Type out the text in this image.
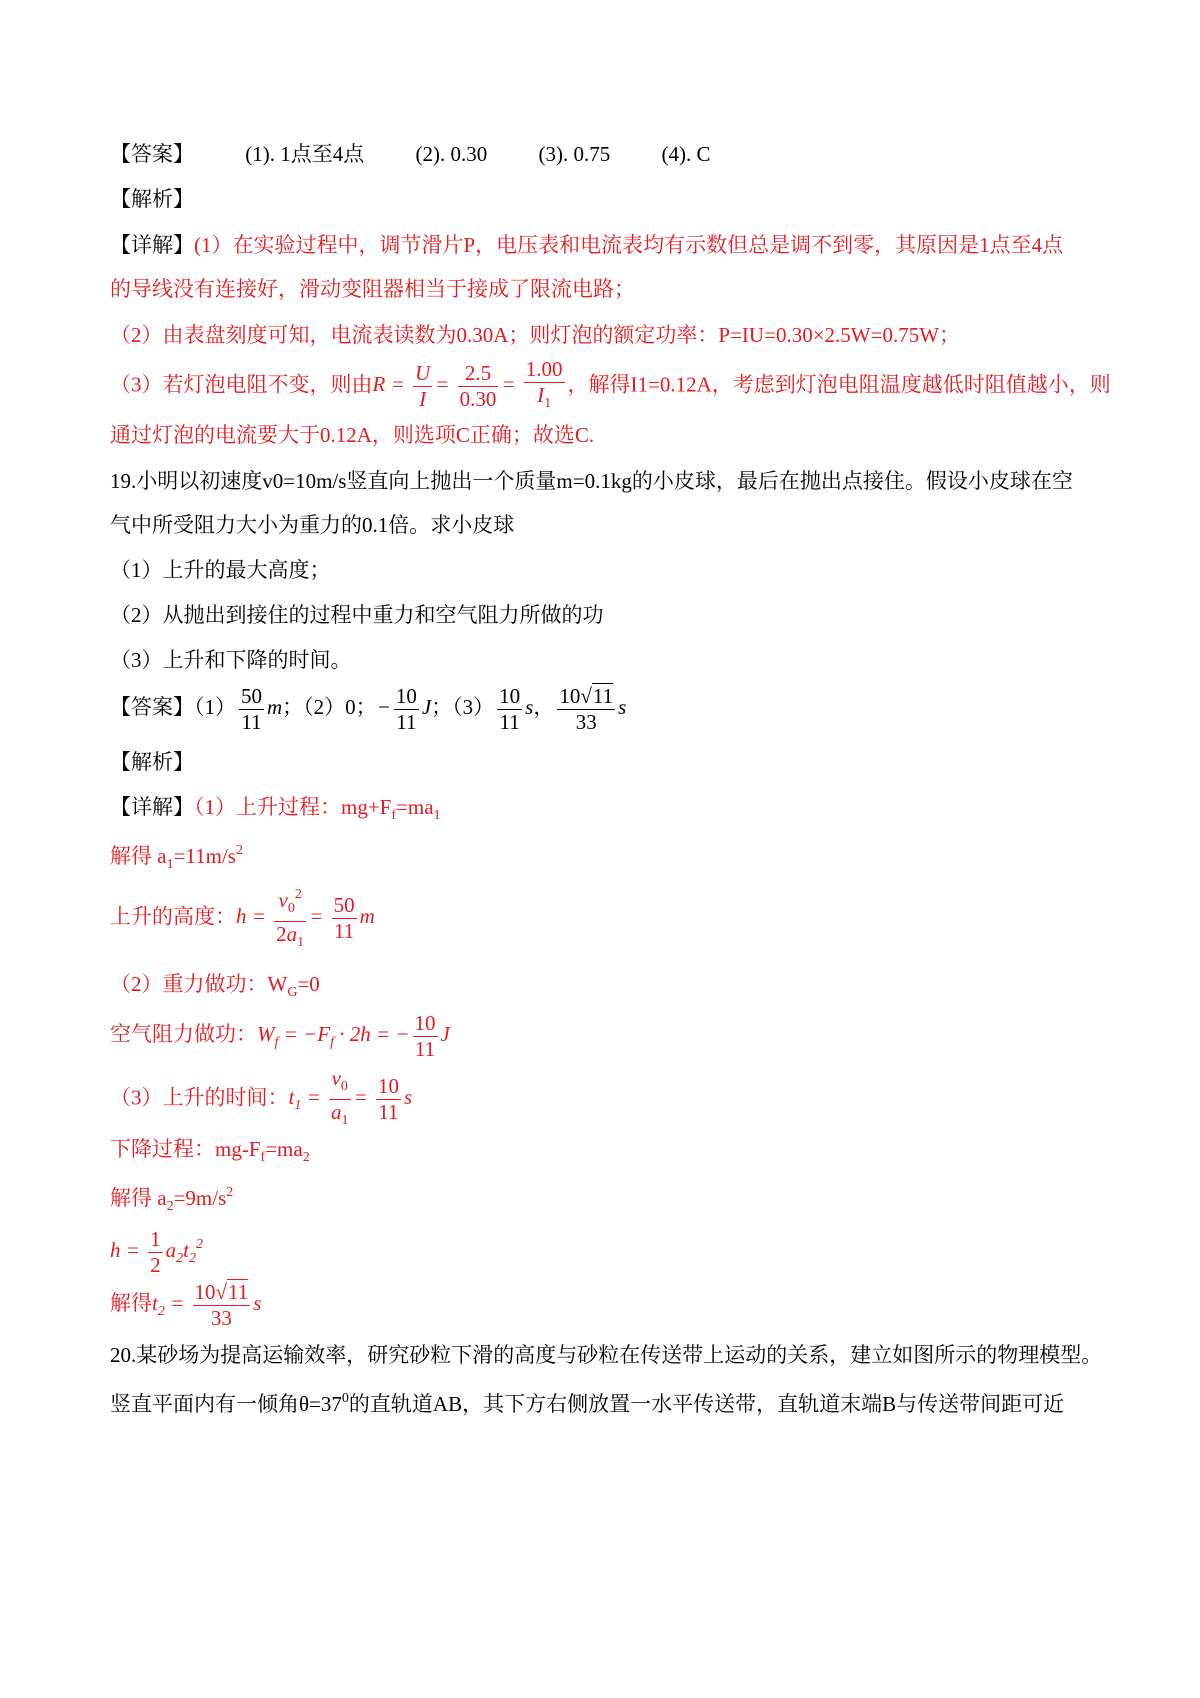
【答案】 (1). 1点至4点 (2). 0.30 (3). 0.75 (4). C
【解析】
【详解】(1）在实验过程中，调节滑片P，电压表和电流表均有示数但总是调不到零，其原因是1点至4点
的导线没有连接好，滑动变阻器相当于接成了限流电路；
（2）由表盘刻度可知，电流表读数为0.30A；则灯泡的额定功率：P=IU=0.30×2.5W=0.75W；
（3）若灯泡电阻不变，则由$R = \frac{U}{I} = \frac{2.5}{0.30} = \frac{1.00}{I_1}$ ，解得I1=0.12A，考虑到灯泡电阻温度越低时阻值越小，则
通过灯泡的电流要大于0.12A，则选项C正确；故选C.
19.小明以初速度v0=10m/s竖直向上抛出一个质量m=0.1kg的小皮球，最后在抛出点接住。假设小皮球在空
气中所受阻力大小为重力的0.1倍。求小皮球
（1）上升的最大高度；
（2）从抛出到接住的过程中重力和空气阻力所做的功
（3）上升和下降的时间。
【答案】$(1) \frac{50}{11}$ m；（2）0；− $\frac{10}{11}$ J；$(3) \frac{10}{11}$ s， $\frac{10√11}{33}$ s
【解析】
【详解】（1）上升过程：$mg+F_f=ma_1$
解得 $a_1=11m/s^2$
上升的高度：$h = \frac{v_0^2}{2a_1} = \frac{50}{11}$ m
（2）重力做功：$W_G=0$
空气阻力做功：$W_f = -F_f \cdot 2h$ = − $\frac{10}{11}$ J
（3）上升的时间：$t_1 = \frac{v_0}{a_1} = \frac{10}{11}$ s
下降过程：$mg-F_f=ma_2$
解得 $a_2=9m/s^2$
$h = \frac{1}{2} a_2t_2^2$
解得$t_2 = \frac{10√11}{33}$ s
20.某砂场为提高运输效率，研究砂粒下滑的高度与砂粒在传送带上运动的关系，建立如图所示的物理模型。
竖直平面内有一倾角$\theta=37^0$的直轨道AB，其下方右侧放置一水平传送带，直轨道末端B与传送带间距可近
